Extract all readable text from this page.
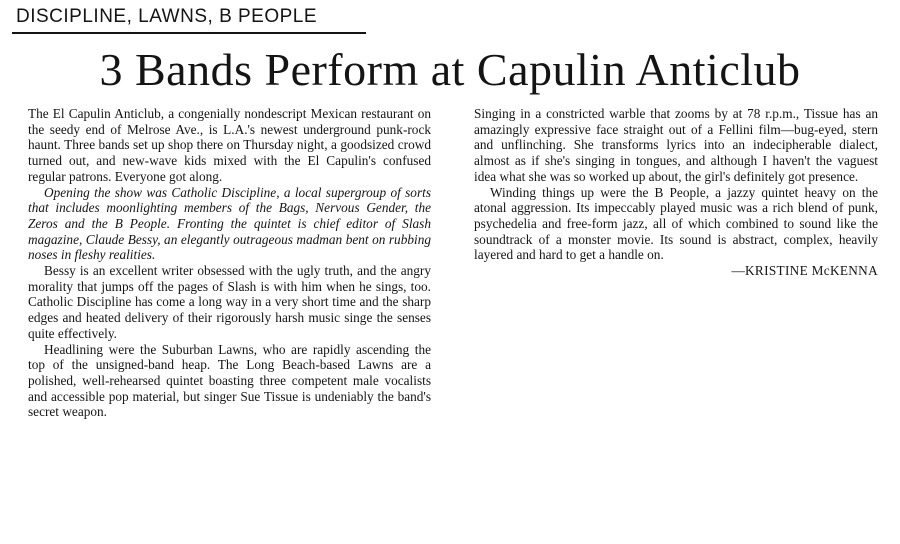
DISCIPLINE, LAWNS, B PEOPLE
3 Bands Perform at Capulin Anticlub

The El Capulin Anticlub, a congenially nondescript Mexican restaurant on the seedy end of Melrose Ave., is L.A.'s newest underground punk-rock haunt. Three bands set up shop there on Thursday night, a goodsized crowd turned out, and new-wave kids mixed with the El Capulin's confused regular patrons. Everyone got along.

Opening the show was Catholic Discipline, a local supergroup of sorts that includes moonlighting members of the Bags, Nervous Gender, the Zeros and the B People. Fronting the quintet is chief editor of Slash magazine, Claude Bessy, an elegantly outrageous madman bent on rubbing noses in fleshy realities.

Bessy is an excellent writer obsessed with the ugly truth, and the angry morality that jumps off the pages of Slash is with him when he sings, too. Catholic Discipline has come a long way in a very short time and the sharp edges and heated delivery of their rigorously harsh music singe the senses quite effectively.

Headlining were the Suburban Lawns, who are rapidly ascending the top of the unsigned-band heap. The Long Beach-based Lawns are a polished, well-rehearsed quintet boasting three competent male vocalists and accessible pop material, but singer Sue Tissue is undeniably the band's secret weapon.

Singing in a constricted warble that zooms by at 78 r.p.m., Tissue has an amazingly expressive face straight out of a Fellini film—bug-eyed, stern and unflinching. She transforms lyrics into an indecipherable dialect, almost as if she's singing in tongues, and although I haven't the vaguest idea what she was so worked up about, the girl's definitely got presence.

Winding things up were the B People, a jazzy quintet heavy on the atonal aggression. Its impeccably played music was a rich blend of punk, psychedelia and free-form jazz, all of which combined to sound like the soundtrack of a monster movie. Its sound is abstract, complex, heavily layered and hard to get a handle on.

—KRISTINE McKENNA
